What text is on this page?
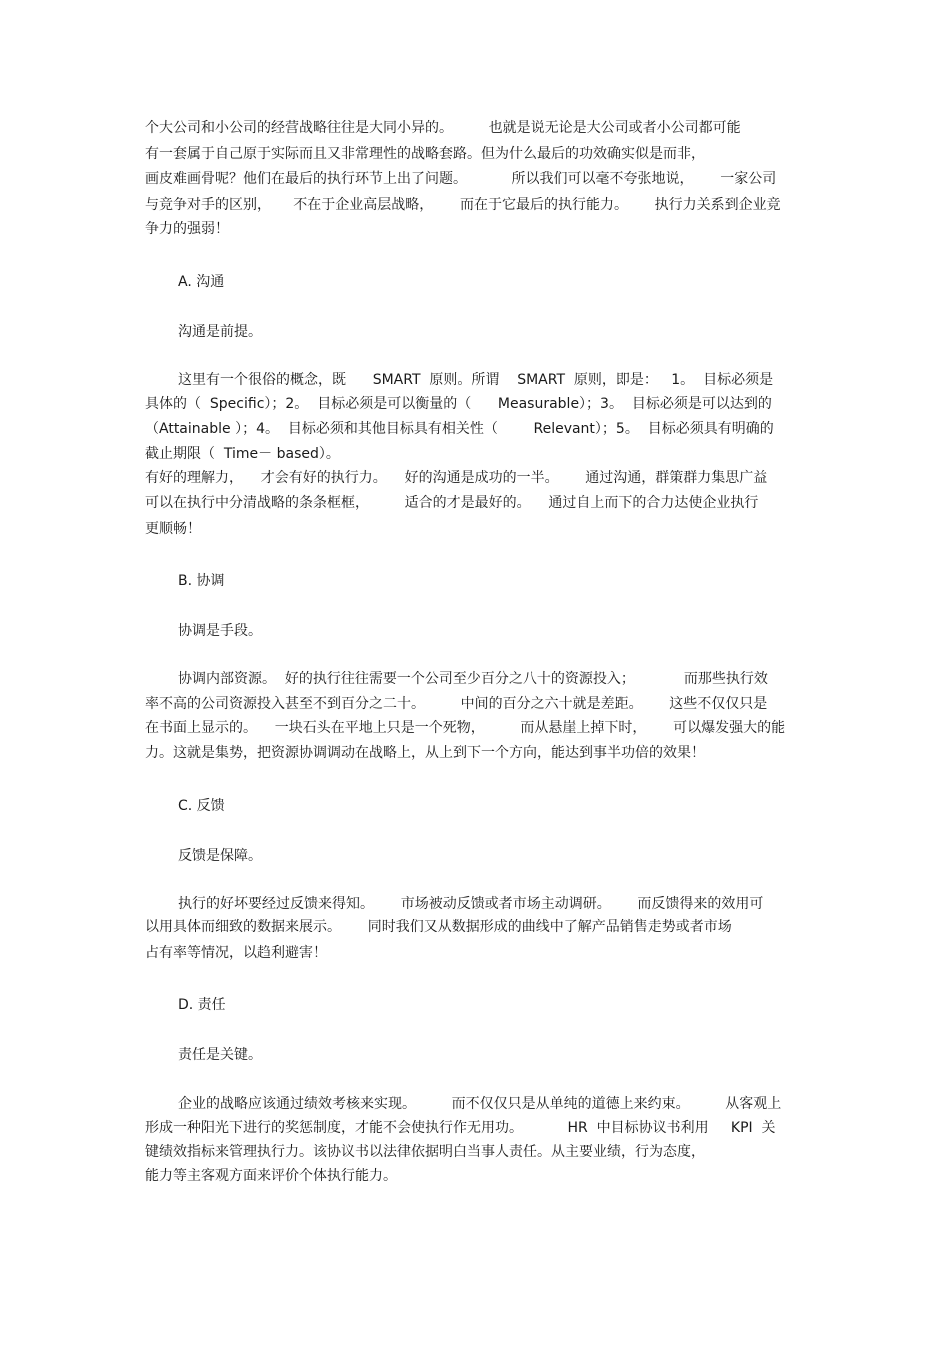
个大公司和小公司的经营战略往往是大同小异的。        也就是说无论是大公司或者小公司都可能
有一套属于自己原于实际而且又非常理性的战略套路。但为什么最后的功效确实似是而非，
画皮难画骨呢？他们在最后的执行环节上出了问题。          所以我们可以毫不夸张地说，      一家公司
与竞争对手的区别，     不在于企业高层战略，      而在于它最后的执行能力。      执行力关系到企业竞
争力的强弱！
A. 沟通
沟通是前提。
这里有一个很俗的概念，既      SMART  原则。所谓    SMART  原则，即是：   1。  目标必须是
具体的（  Specific）；2。  目标必须是可以衡量的（      Measurable）；3。  目标必须是可以达到的
（Attainable ）；4。  目标必须和其他目标具有相关性（        Relevant）；5。  目标必须具有明确的
截止期限（  Time－ based）。
有好的理解力，    才会有好的执行力。    好的沟通是成功的一半。      通过沟通，群策群力集思广益
可以在执行中分清战略的条条框框，        适合的才是最好的。    通过自上而下的合力达使企业执行
更顺畅！
B. 协调
协调是手段。
协调内部资源。  好的执行往往需要一个公司至少百分之八十的资源投入；           而那些执行效
率不高的公司资源投入甚至不到百分之二十。        中间的百分之六十就是差距。      这些不仅仅只是
在书面上显示的。    一块石头在平地上只是一个死物，        而从悬崖上掉下时，      可以爆发强大的能
力。这就是集势，把资源协调调动在战略上，从上到下一个方向，能达到事半功倍的效果！
C. 反馈
反馈是保障。
执行的好坏要经过反馈来得知。      市场被动反馈或者市场主动调研。      而反馈得来的效用可
以用具体而细致的数据来展示。      同时我们又从数据形成的曲线中了解产品销售走势或者市场
占有率等情况，以趋利避害！
D. 责任
责任是关键。
企业的战略应该通过绩效考核来实现。        而不仅仅只是从单纯的道德上来约束。        从客观上
形成一种阳光下进行的奖惩制度，才能不会使执行作无用功。          HR  中目标协议书利用     KPI  关
键绩效指标来管理执行力。该协议书以法律依据明白当事人责任。从主要业绩，行为态度，
能力等主客观方面来评价个体执行能力。
